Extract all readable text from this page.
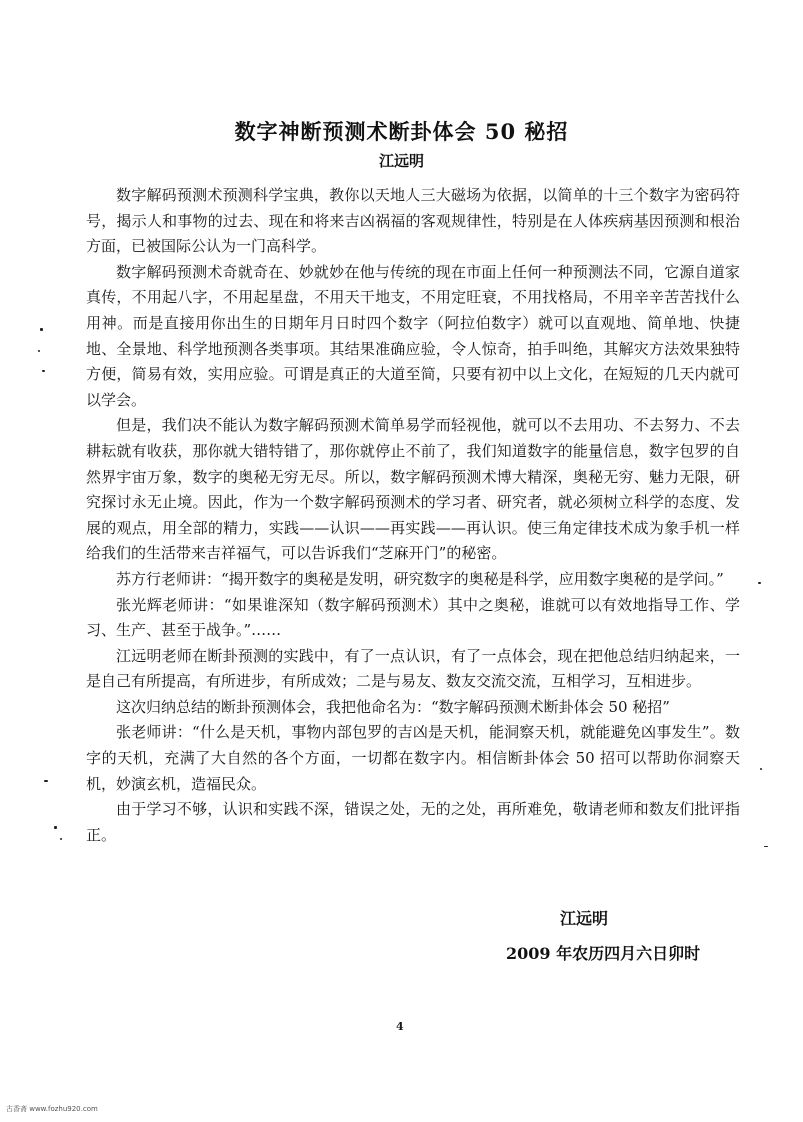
数字神断预测术断卦体会 50 秘招
江远明

数字解码预测术预测科学宝典，教你以天地人三大磁场为依据，以简单的十三个数字为密码符号，揭示人和事物的过去、现在和将来吉凶祸福的客观规律性，特别是在人体疾病基因预测和根治方面，已被国际公认为一门高科学。

数字解码预测术奇就奇在、妙就妙在他与传统的现在市面上任何一种预测法不同，它源自道家真传，不用起八字，不用起星盘，不用天干地支，不用定旺衰，不用找格局，不用辛辛苦苦找什么用神。而是直接用你出生的日期年月日时四个数字（阿拉伯数字）就可以直观地、简单地、快捷地、全景地、科学地预测各类事项。其结果准确应验，令人惊奇，拍手叫绝，其解灾方法效果独特方便，简易有效，实用应验。可谓是真正的大道至简，只要有初中以上文化，在短短的几天内就可以学会。

但是，我们决不能认为数字解码预测术简单易学而轻视他，就可以不去用功、不去努力、不去耕耘就有收获，那你就大错特错了，那你就停止不前了，我们知道数字的能量信息，数字包罗的自然界宇宙万象，数字的奥秘无穷无尽。所以，数字解码预测术博大精深，奥秘无穷、魅力无限，研究探讨永无止境。因此，作为一个数字解码预测术的学习者、研究者，就必须树立科学的态度、发展的观点，用全部的精力，实践——认识——再实践——再认识。使三角定律技术成为象手机一样给我们的生活带来吉祥福气，可以告诉我们“芝麻开门”的秘密。

苏方行老师讲：“揭开数字的奥秘是发明，研究数字的奥秘是科学，应用数字奥秘的是学问。”

张光辉老师讲：“如果谁深知（数字解码预测术）其中之奥秘，谁就可以有效地指导工作、学习、生产、甚至于战争。”……

江远明老师在断卦预测的实践中，有了一点认识，有了一点体会，现在把他总结归纳起来，一是自己有所提高，有所进步，有所成效；二是与易友、数友交流交流，互相学习，互相进步。

这次归纳总结的断卦预测体会，我把他命名为：“数字解码预测术断卦体会 50 秘招”

张老师讲：“什么是天机，事物内部包罗的吉凶是天机，能洞察天机，就能避免凶事发生”。数字的天机，充满了大自然的各个方面，一切都在数字内。相信断卦体会 50 招可以帮助你洞察天机，妙演玄机，造福民众。

由于学习不够，认识和实践不深，错误之处，无的之处，再所难免，敬请老师和数友们批评指正。

江远明
2009 年农历四月六日卯时
4
古香斋 www.fozhu920.com
